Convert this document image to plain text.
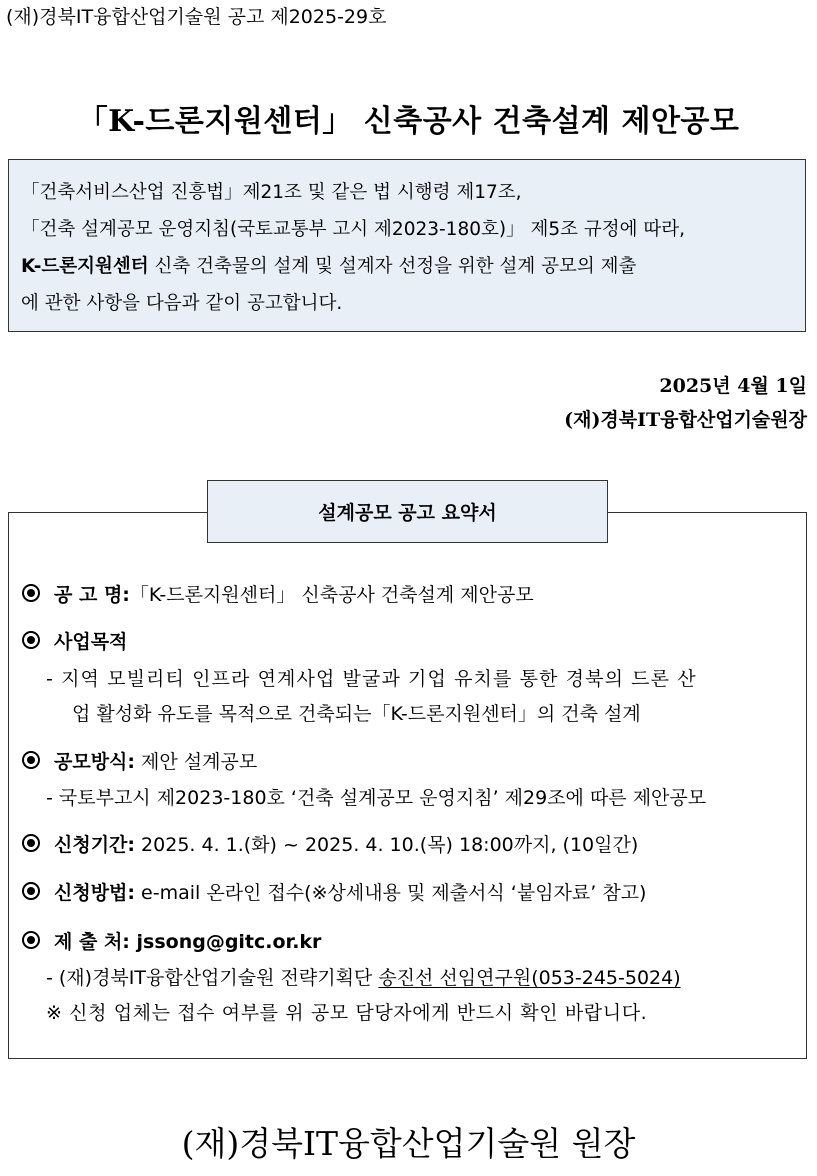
(재)경북IT융합산업기술원 공고 제2025-29호
「K-드론지원센터」 신축공사 건축설계 제안공모

「건축서비스산업 진흥법」제21조 및 같은 법 시행령 제17조,

「건축 설계공모 운영지침(국토교통부 고시 제2023-180호)」 제5조 규정에 따라,

K-드론지원센터 신축 건축물의 설계 및 설계자 선정을 위한 설계 공모의 제출

에 관한 사항을 다음과 같이 공고합니다.

2025년 4월 1일
(재)경북IT융합산업기술원장
설계공모 공고 요약서
공 고 명:「K-드론지원센터」 신축공사 건축설계 제안공모
사업목적
- 지역 모빌리티 인프라 연계사업 발굴과 기업 유치를 통한 경북의 드론 산
업 활성화 유도를 목적으로 건축되는「K-드론지원센터」의 건축 설계
공모방식: 제안 설계공모
- 국토부고시 제2023-180호 ‘건축 설계공모 운영지침’ 제29조에 따른 제안공모
신청기간: 2025. 4. 1.(화) ~ 2025. 4. 10.(목) 18:00까지, (10일간)
신청방법: e-mail 온라인 접수(※상세내용 및 제출서식 ‘붙임자료’ 참고)
제 출 처: jssong@gitc.or.kr
- (재)경북IT융합산업기술원 전략기획단 송진선 선임연구원(053-245-5024)
※ 신청 업체는 접수 여부를 위 공모 담당자에게 반드시 확인 바랍니다.
(재)경북IT융합산업기술원 원장
